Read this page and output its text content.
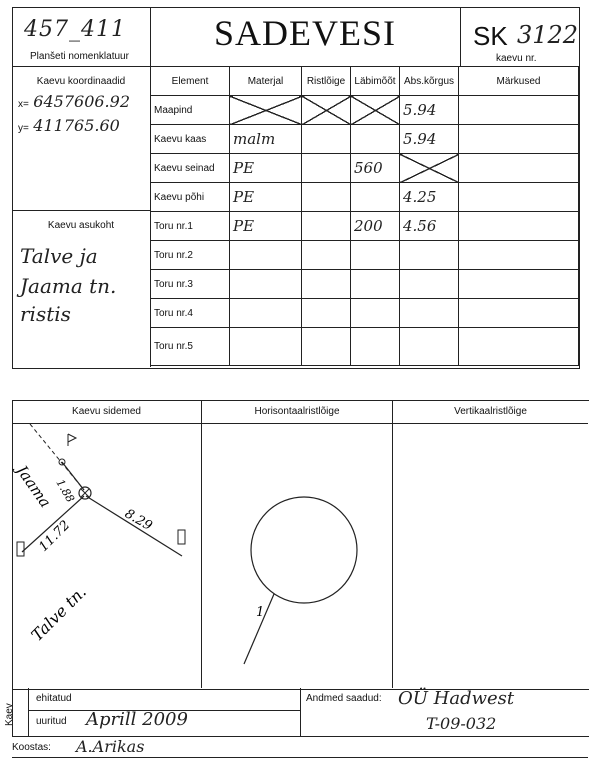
457_411
Planšeti nomenklatuur
SADEVESI	SK 3122
kaevu nr.
Kaevu koordinaadid
x= 6457606.92
y= 411765.60
Kaevu asukoht
Talve ja
Jaama tn.
ristis
Element	Materjal	Ristlõige	Läbimõõt	Abs.kõrgus	Märkused
Maapind				5.94	
Kaevu kaas	malm			5.94	
Kaevu seinad	PE		560		
Kaevu põhi	PE			4.25	
Toru nr.1	PE		200	4.56	
Toru nr.2					
Toru nr.3					
Toru nr.4					
Toru nr.5					
Kaevu sidemed	Horisontaalristlõige	Vertikaalristlõige
1.88
8.29
11.72
Jaama
Talve tn.	1
Kaev
ehitatud
uuritud Aprill 2009
Andmed saadud: OÜ Hadwest
T-09-032
Koostas: A.Arikas
